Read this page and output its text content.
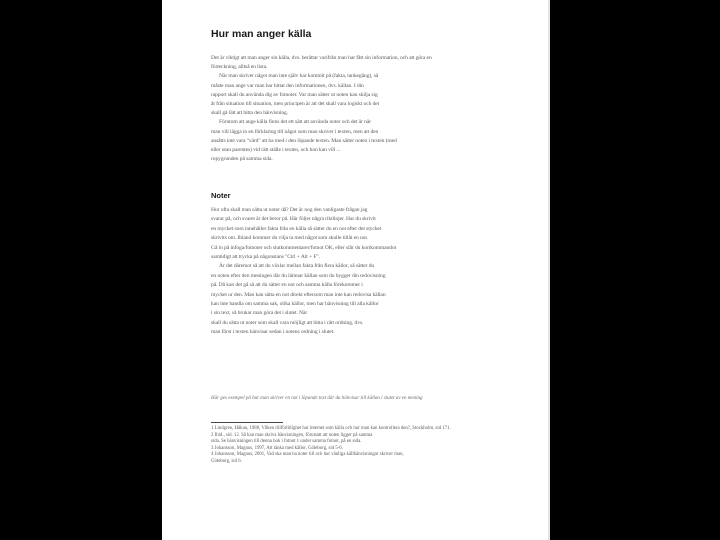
Hur man anger källa

Det är viktigt att man anger sin källa, dvs. berättar varifrån man har fått sin information, och att göra en

förteckning, alltså en lista.

När man skriver något man inte själv har kommit på (fakta, tankegång), så

måste man ange var man har hittat den informationen, dvs. källan. I din

rapport skall du använda dig av fotnoter. Var man sätter ut noten kan skilja sig

åt från situation till situation, men principen är att det skall vara logiskt och det

skall gå lätt att hitta den hänvisning.

Förutom att ange källa finns det ett sätt att använda noter och det är när

man vill lägga in en förklaring till något som man skriver i texten, men att den

ansåtts inte vara "värd" att ha med i den löpande texten. Man sätter noten i texten (med

eller utan parentes) vid rätt ställe i texten, och hon kan vill ...

ropygrunden på samma sida.

Noter

Hur ofta skall man sätta ut noter då? Det är nog den vanligaste frågan jag

svarar på, och svaret är det beror på. Här följer några riktlinjer. Har du skrivit

en mycket som innehåller fakta från en källa så sätter du en not efter det stycket

skrivits om. Ibland kommer du vilja ta med något som skulle tillåt en not.

Gå in på infoga/fotnoter och slutkommentarer/fotnot OK, eller slår du kortkommandot

samtidigt att trycka på någonstans "Ctrl + Alt + F".

Är det däremot så att du växlar mellan fakta från flera källor, så sätter du

en noten efter den meningen där du lämnar källan som du bygger din redovisning

på. Då kan det gå så att du sätter en not och samma källa förekommer i

mycket ur den. Man kan sätta en not direkt eftersom man inte kan redovisa källan

kan inte handla om samma sak, olika källor, men har hänvisning till alla källor

i sin text, så brukar man göra det i slutet. När

skall du sätta ut noter som skall vara möjligt att hitta i rätt ordning, dvs.

man först i texten hänvisar sedan i notens ordning i slutet.

Här ges exempel på hur man skriver en not i löpande text där du hänvisar till källan i slutet av en mening

1 Lindgren, Håkan, 1988, Vilken tillförlitlighet har internet som källa och hur man kan kontrollera den?, Stockholm, sid 171.

2 Ibid., sid. 12. Så kan man skriva hänvisningen, förutsatt att noten ligger på samma

sida. Se hänvisningen till denna bok i fotnot 1 under samma fotnot, på en sida.

3 Johansson, Magnus, 1997, Att tänka med källor, Göteborg, sid 5-6.

4 Johansson, Magnus, 2001, Vad ska man ha noter till och hur vänliga källhänvisningar skriver man,

Göteborg, sid 6.
